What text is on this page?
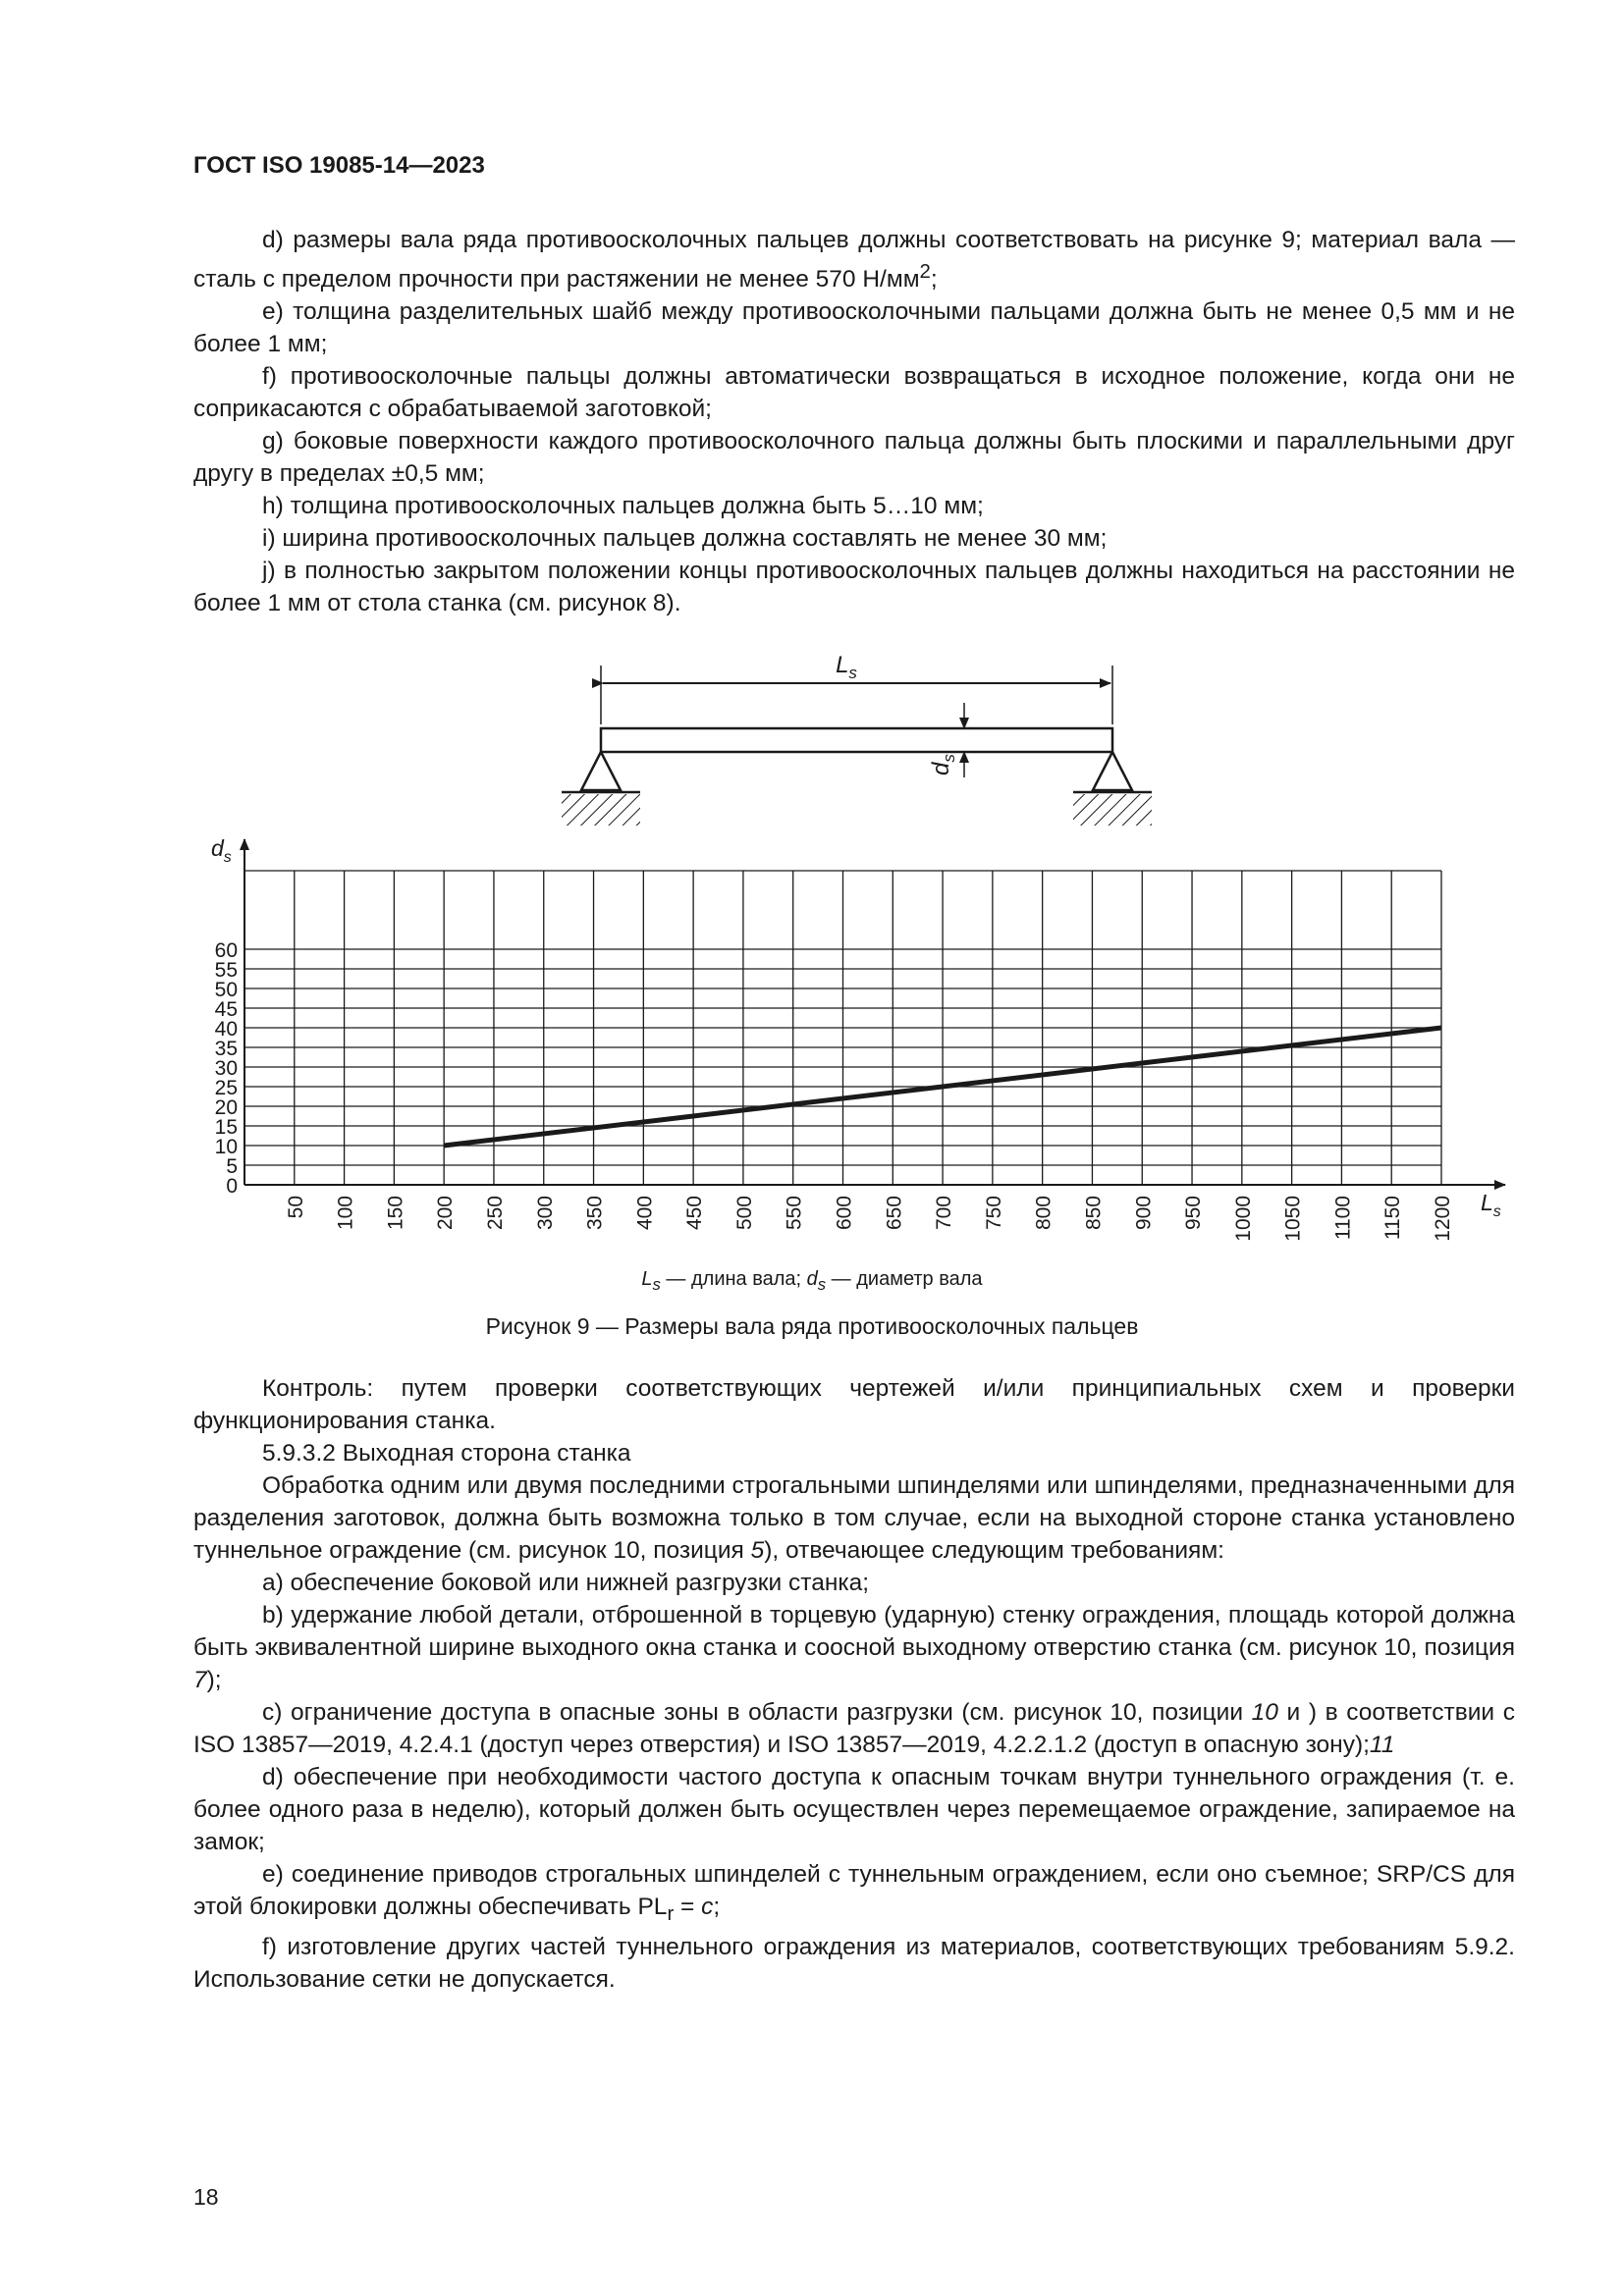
ГОСТ ISO 19085-14—2023

d) размеры вала ряда противоосколочных пальцев должны соответствовать на рисунке 9; материал вала — сталь с пределом прочности при растяжении не менее 570 $Н/мм^2$;

e) толщина разделительных шайб между противоосколочными пальцами должна быть не менее 0,5 мм и не более 1 мм;

f) противоосколочные пальцы должны автоматически возвращаться в исходное положение, когда они не соприкасаются с обрабатываемой заготовкой;

g) боковые поверхности каждого противоосколочного пальца должны быть плоскими и параллельными друг другу в пределах ±0,5 мм;

h) толщина противоосколочных пальцев должна быть 5…10 мм;

i) ширина противоосколочных пальцев должна составлять не менее 30 мм;

j) в полностью закрытом положении концы противоосколочных пальцев должны находиться на расстоянии не более 1 мм от стола станка (см. рисунок 8).

$L_s$
$d_s$
$d_s$
$L_s$
0
5
10
15
20
25
30
35
40
45
50
55
60
50 100 150 200 250 300 350 400 450 500 550 600 650 700 750 800 850 900 950 1000 1050 1100 1150 1200
$L_s$ — длина вала; $d_s$ — диаметр вала
Рисунок 9 — Размеры вала ряда противоосколочных пальцев

Контроль: путем проверки соответствующих чертежей и/или принципиальных схем и проверки функционирования станка.

5.9.3.2 Выходная сторона станка

Обработка одним или двумя последними строгальными шпинделями или шпинделями, предназначенными для разделения заготовок, должна быть возможна только в том случае, если на выходной стороне станка установлено туннельное ограждение (см. рисунок 10, позиция 5), отвечающее следующим требованиям:

a) обеспечение боковой или нижней разгрузки станка;

b) удержание любой детали, отброшенной в торцевую (ударную) стенку ограждения, площадь которой должна быть эквивалентной ширине выходного окна станка и соосной выходному отверстию станка (см. рисунок 10, позиция 7);

c) ограничение доступа в опасные зоны в области разгрузки (см. рисунок 10, позиции 10 и ) в соответствии с ISO 13857—2019, 4.2.4.1 (доступ через отверстия) и ISO 13857—2019, 4.2.2.1.2 (доступ в опасную зону);11

d) обеспечение при необходимости частого доступа к опасным точкам внутри туннельного ограждения (т. е. более одного раза в неделю), который должен быть осуществлен через перемещаемое ограждение, запираемое на замок;

e) соединение приводов строгальных шпинделей с туннельным ограждением, если оно съемное; SRP/CS для этой блокировки должны обеспечивать $PL_r = c$;

f) изготовление других частей туннельного ограждения из материалов, соответствующих требованиям 5.9.2. Использование сетки не допускается.

18
